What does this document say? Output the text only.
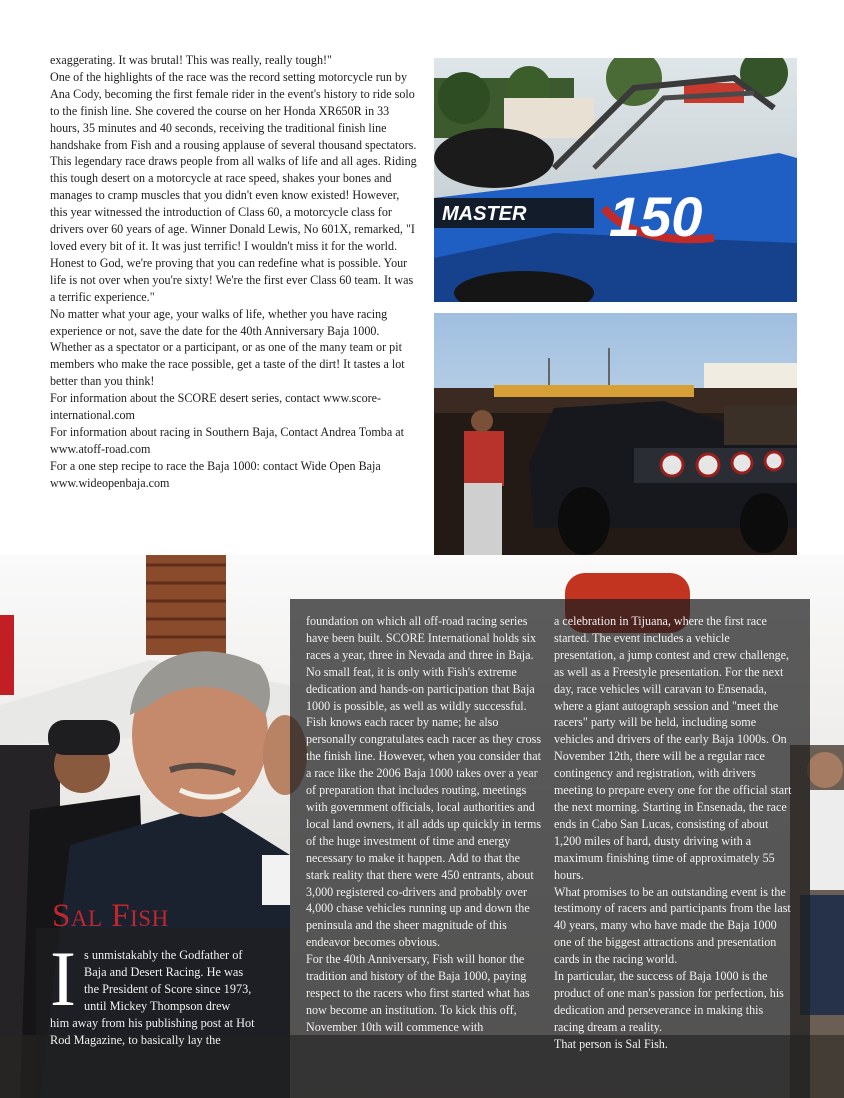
exaggerating. It was brutal! This was really, really tough!"

One of the highlights of the race was the record setting motorcycle run by Ana Cody, becoming the first female rider in the event's history to ride solo to the finish line. She covered the course on her Honda XR650R in 33 hours, 35 minutes and 40 seconds, receiving the traditional finish line handshake from Fish and a rousing applause of several thousand spectators.

This legendary race draws people from all walks of life and all ages. Riding this tough desert on a motorcycle at race speed, shakes your bones and manages to cramp muscles that you didn't even know existed! However, this year witnessed the introduction of Class 60, a motorcycle class for drivers over 60 years of age. Winner Donald Lewis, No 601X, remarked, "I loved every bit of it. It was just terrific! I wouldn't miss it for the world. Honest to God, we're proving that you can redefine what is possible. Your life is not over when you're sixty! We're the first ever Class 60 team. It was a terrific experience."

No matter what your age, your walks of life, whether you have racing experience or not, save the date for the 40th Anniversary Baja 1000. Whether as a spectator or a participant, or as one of the many team or pit members who make the race possible, get a taste of the dirt! It tastes a lot better than you think!

For information about the SCORE desert series, contact www.score-international.com

For information about racing in Southern Baja, Contact Andrea Tomba at www.atoff-road.com

For a one step recipe to race the Baja 1000: contact Wide Open Baja www.wideopenbaja.com

MASTER 150

foundation on which all off-road racing series have been built. SCORE International holds six races a year, three in Nevada and three in Baja. No small feat, it is only with Fish's extreme dedication and hands-on participation that Baja 1000 is possible, as well as wildly successful. Fish knows each racer by name; he also personally congratulates each racer as they cross the finish line. However, when you consider that a race like the 2006 Baja 1000 takes over a year of preparation that includes routing, meetings with government officials, local authorities and local land owners, it all adds up quickly in terms of the huge investment of time and energy necessary to make it happen. Add to that the stark reality that there were 450 entrants, about 3,000 registered co-drivers and probably over 4,000 chase vehicles running up and down the peninsula and the sheer magnitude of this endeavor becomes obvious.

For the 40th Anniversary, Fish will honor the tradition and history of the Baja 1000, paying respect to the racers who first started what has now become an institution. To kick this off, November 10th will commence with

a celebration in Tijuana, where the first race started. The event includes a vehicle presentation, a jump contest and crew challenge, as well as a Freestyle presentation. For the next day, race vehicles will caravan to Ensenada, where a giant autograph session and "meet the racers" party will be held, including some vehicles and drivers of the early Baja 1000s. On November 12th, there will be a regular race contingency and registration, with drivers meeting to prepare every one for the official start the next morning. Starting in Ensenada, the race ends in Cabo San Lucas, consisting of about 1,200 miles of hard, dusty driving with a maximum finishing time of approximately 55 hours.

What promises to be an outstanding event is the testimony of racers and participants from the last 40 years, many who have made the Baja 1000 one of the biggest attractions and presentation cards in the racing world.

In particular, the success of Baja 1000 is the product of one man's passion for perfection, his dedication and perseverance in making this racing dream a reality.

That person is Sal Fish.

Sal Fish
I s unmistakably the Godfather of
Baja and Desert Racing. He was
the President of Score since 1973,
until Mickey Thompson drew
him away from his publishing post at Hot Rod Magazine, to basically lay the
